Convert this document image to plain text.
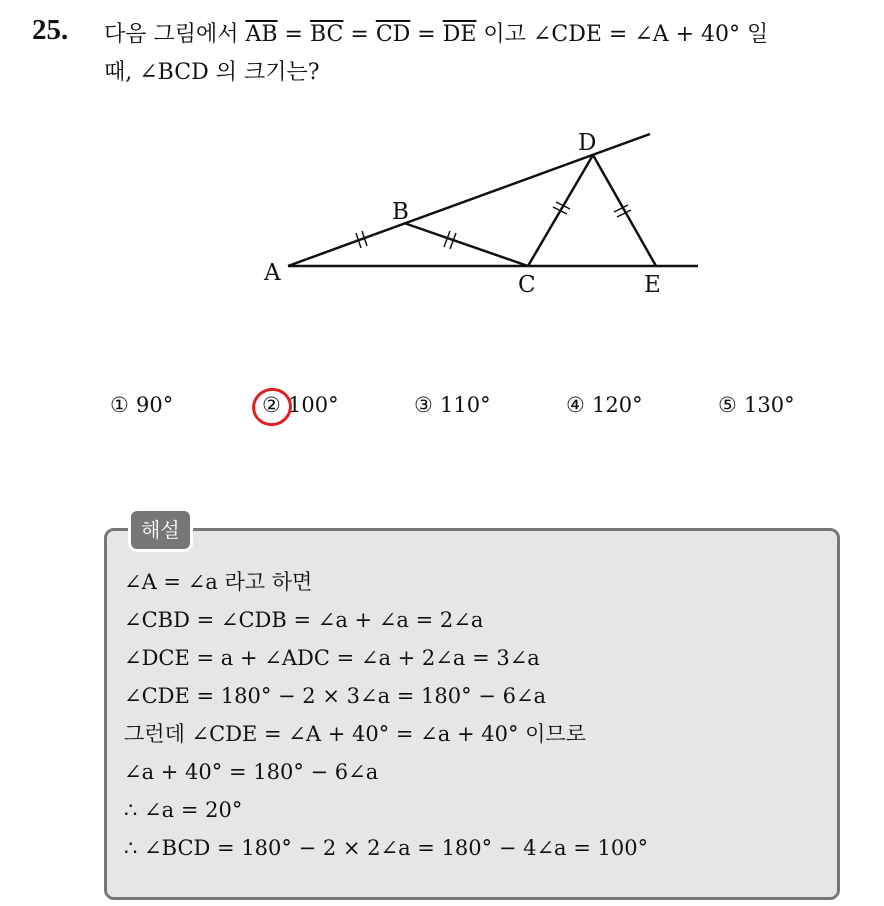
25. 다음 그림에서 $\overline{AB} = \overline{BC} = \overline{CD} = \overline{DE}$ 이고 ∠CDE = ∠A + 40° 일
때, ∠BCD 의 크기는?
A
B
C
D
E
① 90°	② 100°	③ 110°	④ 120°	⑤ 130°
해설
∠A = ∠a 라고 하면
∠CBD = ∠CDB = ∠a + ∠a = 2∠a
∠DCE = a + ∠ADC = ∠a + 2∠a = 3∠a
∠CDE = 180° − 2 × 3∠a = 180° − 6∠a
그런데 ∠CDE = ∠A + 40° = ∠a + 40° 이므로
∠a + 40° = 180° − 6∠a
∴ ∠a = 20°
∴ ∠BCD = 180° − 2 × 2∠a = 180° − 4∠a = 100°
